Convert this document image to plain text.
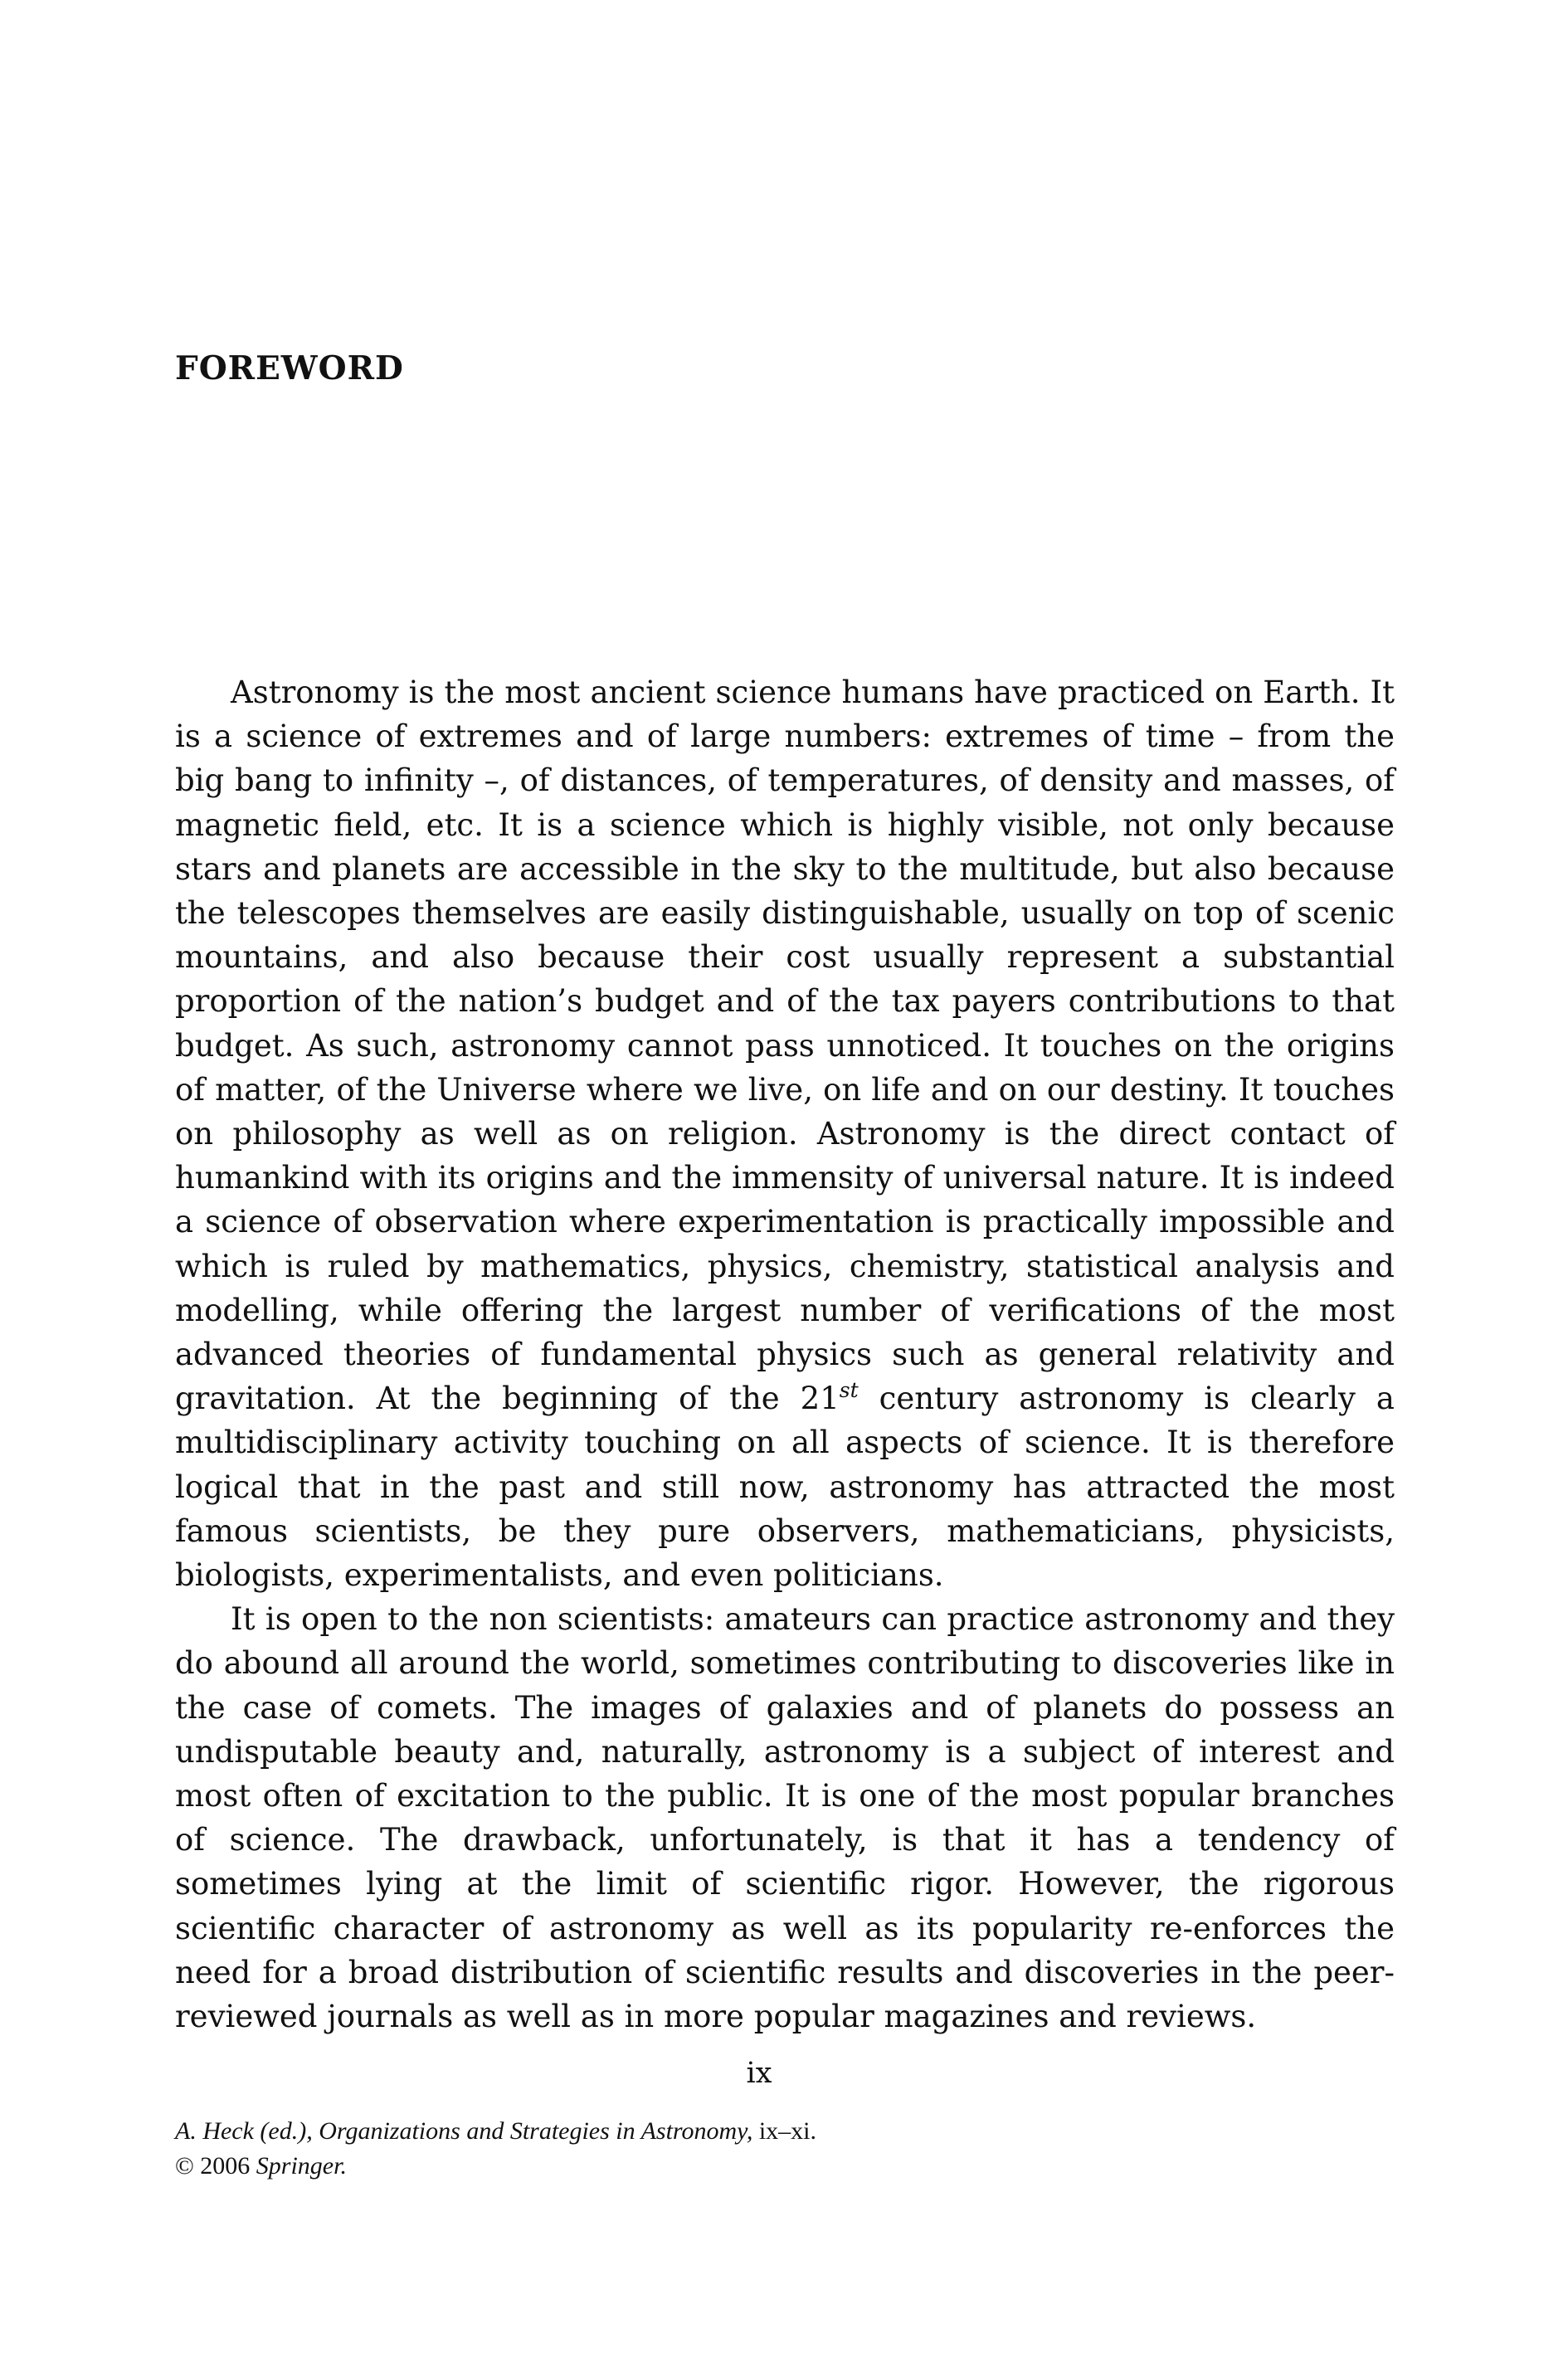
FOREWORD

Astronomy is the most ancient science humans have practiced on Earth. It is a science of extremes and of large numbers: extremes of time – from the big bang to infinity –, of distances, of temperatures, of density and masses, of magnetic field, etc. It is a science which is highly visible, not only because stars and planets are accessible in the sky to the multitude, but also because the telescopes themselves are easily distinguishable, usually on top of scenic mountains, and also because their cost usually represent a substantial proportion of the nation’s budget and of the tax payers contributions to that budget. As such, astronomy cannot pass unnoticed. It touches on the origins of matter, of the Universe where we live, on life and on our destiny. It touches on philosophy as well as on religion. Astronomy is the direct contact of humankind with its origins and the immensity of universal nature. It is indeed a science of observation where experimentation is practically impossible and which is ruled by mathematics, physics, chemistry, statistical analysis and modelling, while offering the largest number of verifications of the most advanced theories of fundamental physics such as general relativity and gravitation. At the beginning of the 21st century astronomy is clearly a multidisciplinary activity touching on all aspects of science. It is therefore logical that in the past and still now, astronomy has attracted the most famous scientists, be they pure observers, mathematicians, physicists, biologists, experimentalists, and even politicians.

It is open to the non scientists: amateurs can practice astronomy and they do abound all around the world, sometimes contributing to discoveries like in the case of comets. The images of galaxies and of planets do possess an undisputable beauty and, naturally, astronomy is a subject of interest and most often of excitation to the public. It is one of the most popular branches of science. The drawback, unfortunately, is that it has a tendency of sometimes lying at the limit of scientific rigor. However, the rigorous scientific character of astronomy as well as its popularity re-enforces the need for a broad distribution of scientific results and discoveries in the peer-reviewed journals as well as in more popular magazines and reviews.

ix
A. Heck (ed.), Organizations and Strategies in Astronomy, ix–xi.
© 2006 Springer.
